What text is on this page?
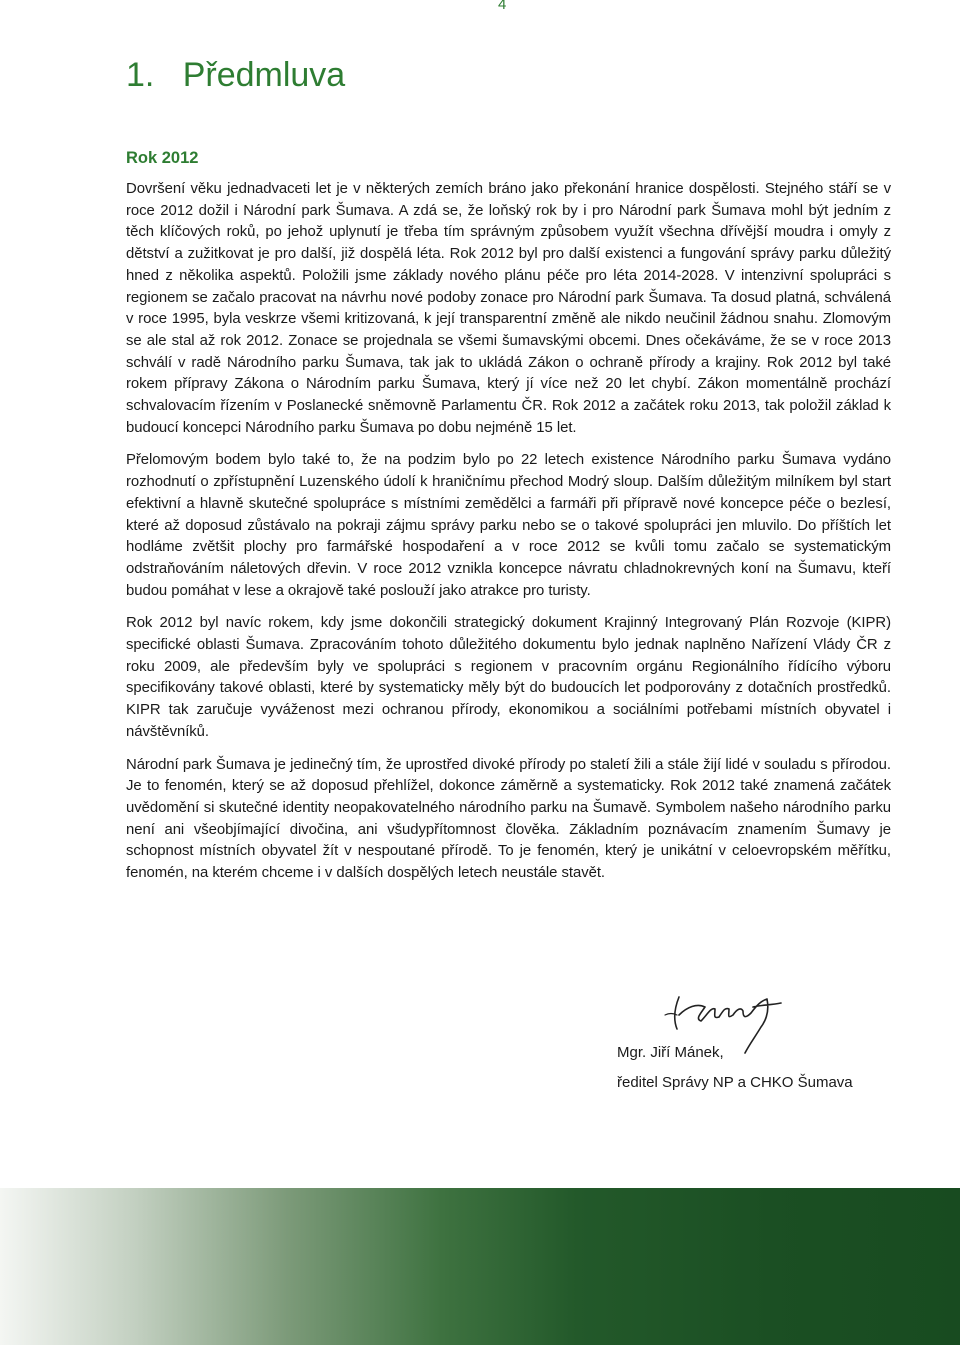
4
1. Předmluva
Rok 2012

Dovršení věku jednadvaceti let je v některých zemích bráno jako překonání hranice dospělosti. Stejného stáří se v roce 2012 dožil i Národní park Šumava. A zdá se, že loňský rok by i pro Národní park Šumava mohl být jedním z těch klíčových roků, po jehož uplynutí je třeba tím správným způsobem využít všechna dřívější moudra i omyly z dětství a zužitkovat je pro další, již dospělá léta. Rok 2012 byl pro další existenci a fungování správy parku důležitý hned z několika aspektů. Položili jsme základy nového plánu péče pro léta 2014-2028. V intenzivní spolupráci s regionem se začalo pracovat na návrhu nové podoby zonace pro Národní park Šumava. Ta dosud platná, schválená v roce 1995, byla veskrze všemi kritizovaná, k její transparentní změně ale nikdo neučinil žádnou snahu. Zlomovým se ale stal až rok 2012. Zonace se projednala se všemi šumavskými obcemi. Dnes očekáváme, že se v roce 2013 schválí v radě Národního parku Šumava, tak jak to ukládá Zákon o ochraně přírody a krajiny. Rok 2012 byl také rokem přípravy Zákona o Národním parku Šumava, který jí více než 20 let chybí. Zákon momentálně prochází schvalovacím řízením v Poslanecké sněmovně Parlamentu ČR. Rok 2012 a začátek roku 2013, tak položil základ k budoucí koncepci Národního parku Šumava po dobu nejméně 15 let.

Přelomovým bodem bylo také to, že na podzim bylo po 22 letech existence Národního parku Šumava vydáno rozhodnutí o zpřístupnění Luzenského údolí k hraničnímu přechod Modrý sloup. Dalším důležitým milníkem byl start efektivní a hlavně skutečné spolupráce s místními zemědělci a farmáři při přípravě nové koncepce péče o bezlesí, které až doposud zůstávalo na pokraji zájmu správy parku nebo se o takové spolupráci jen mluvilo. Do příštích let hodláme zvětšit plochy pro farmářské hospodaření a v roce 2012 se kvůli tomu začalo se systematickým odstraňováním náletových dřevin. V roce 2012 vznikla koncepce návratu chladnokrevných koní na Šumavu, kteří budou pomáhat v lese a okrajově také poslouží jako atrakce pro turisty.

Rok 2012 byl navíc rokem, kdy jsme dokončili strategický dokument Krajinný Integrovaný Plán Rozvoje (KIPR) specifické oblasti Šumava. Zpracováním tohoto důležitého dokumentu bylo jednak naplněno Nařízení Vlády ČR z roku 2009, ale především byly ve spolupráci s regionem v pracovním orgánu Regionálního řídícího výboru specifikovány takové oblasti, které by systematicky měly být do budoucích let podporovány z dotačních prostředků. KIPR tak zaručuje vyváženost mezi ochranou přírody, ekonomikou a sociálními potřebami místních obyvatel i návštěvníků.

Národní park Šumava je jedinečný tím, že uprostřed divoké přírody po staletí žili a stále žijí lidé v souladu s přírodou. Je to fenomén, který se až doposud přehlížel, dokonce záměrně a systematicky. Rok 2012 také znamená začátek uvědomění si skutečné identity neopakovatelného národního parku na Šumavě. Symbolem našeho národního parku není ani všeobjímající divočina, ani všudypřítomnost člověka. Základním poznávacím znamením Šumavy je schopnost místních obyvatel žít v nespoutané přírodě. To je fenomén, který je unikátní v celoevropském měřítku, fenomén, na kterém chceme i v dalších dospělých letech neustále stavět.

Mgr. Jiří Mánek,
ředitel Správy NP a CHKO Šumava
